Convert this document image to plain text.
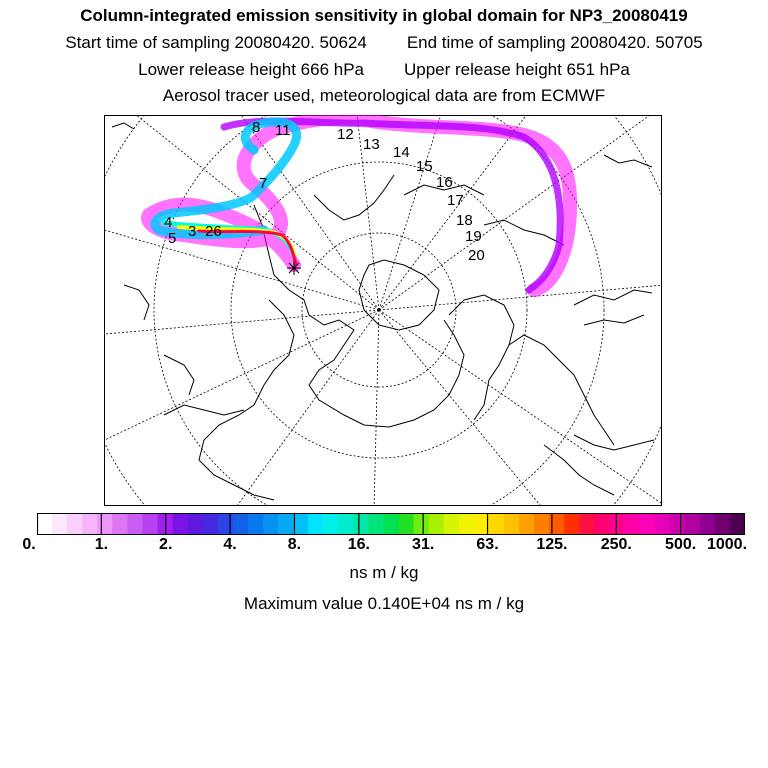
Column-integrated emission sensitivity in global domain for NP3_20080419
Start time of sampling 20080420. 50624 End time of sampling 20080420. 50705
Lower release height 666 hPa Upper release height 651 hPa
Aerosol tracer used, meteorological data are from ECMWF
8 11	12
13 14
15
16
17
18
19
20
7
4
5 3 26
0.	1.	2.	4.	8.	16.	31.	63. 125. 250. 500. 1000.
ns m / kg
Maximum value 0.140E+04 ns m / kg
